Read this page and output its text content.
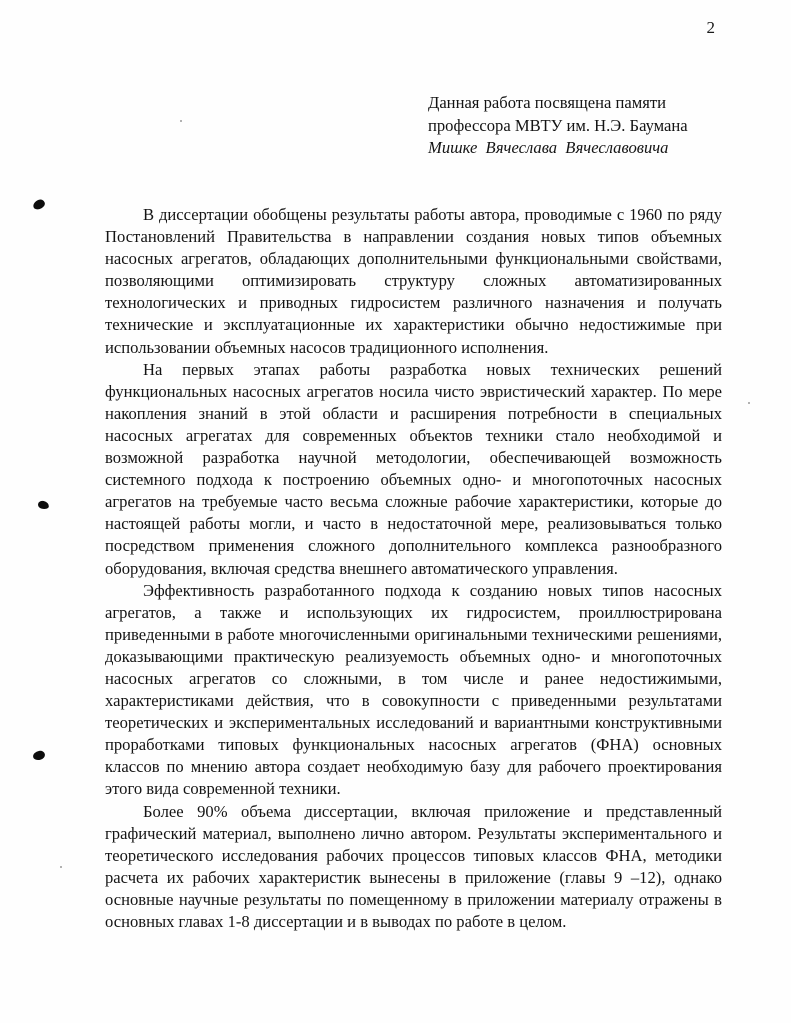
2
Данная работа посвящена памяти
профессора МВТУ им. Н.Э. Баумана
Мишке Вячеслава Вячеславовича

В диссертации обобщены результаты работы автора, проводимые с 1960 по ряду Постановлений Правительства в направлении создания новых типов объемных насосных агрегатов, обладающих дополнительными функциональными свойствами, позволяющими оптимизировать структуру сложных автоматизированных технологических и приводных гидросистем различного назначения и получать технические и эксплуатационные их характеристики обычно недостижимые при использовании объемных насосов традиционного исполнения.

На первых этапах работы разработка новых технических решений функциональных насосных агрегатов носила чисто эвристический характер. По мере накопления знаний в этой области и расширения потребности в специальных насосных агрегатах для современных объектов техники стало необходимой и возможной разработка научной методологии, обеспечивающей возможность системного подхода к построению объемных одно- и многопоточных насосных агрегатов на требуемые часто весьма сложные рабочие характеристики, которые до настоящей работы могли, и часто в недостаточной мере, реализовываться только посредством применения сложного дополнительного комплекса разнообразного оборудования, включая средства внешнего автоматического управления.

Эффективность разработанного подхода к созданию новых типов насосных агрегатов, а также и использующих их гидросистем, проиллюстрирована приведенными в работе многочисленными оригинальными техническими решениями, доказывающими практическую реализуемость объемных одно- и многопоточных насосных агрегатов со сложными, в том числе и ранее недостижимыми, характеристиками действия, что в совокупности с приведенными результатами теоретических и экспериментальных исследований и вариантными конструктивными проработками типовых функциональных насосных агрегатов (ФНА) основных классов по мнению автора создает необходимую базу для рабочего проектирования этого вида современной техники.

Более 90% объема диссертации, включая приложение и представленный графический материал, выполнено лично автором. Результаты экспериментального и теоретического исследования рабочих процессов типовых классов ФНА, методики расчета их рабочих характеристик вынесены в приложение (главы 9 –12), однако основные научные результаты по помещенному в приложении материалу отражены в основных главах 1-8 диссертации и в выводах по работе в целом.
